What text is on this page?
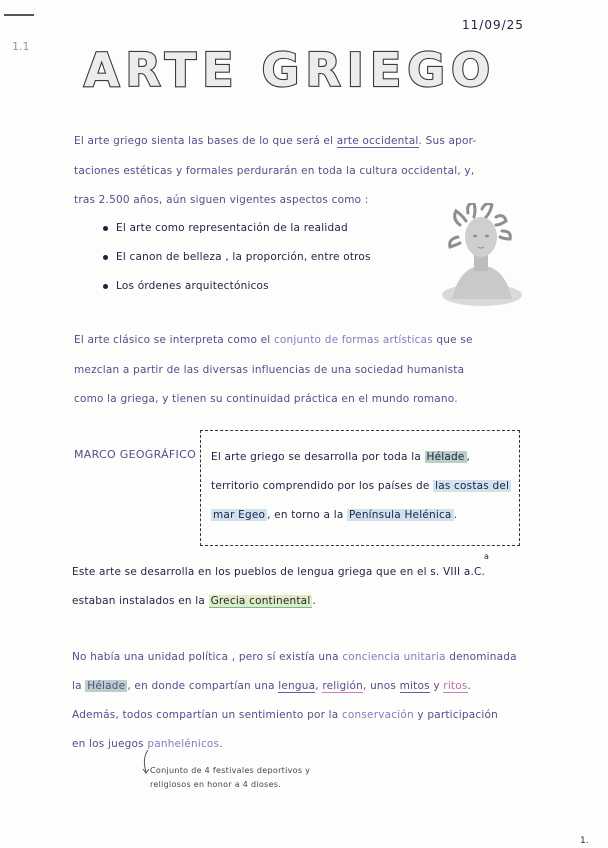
11/09/25
1.1 ARTE GRIEGO
El arte griego sienta las bases de lo que será el arte occidental. Sus apor-
taciones estéticas y formales perdurarán en toda la cultura occidental, y,
tras 2.500 años, aún siguen vigentes aspectos como :
El arte como representación de la realidad
El canon de belleza , la proporción, entre otros
Los órdenes arquitectónicos
El arte clásico se interpreta como el conjunto de formas artísticas que se
mezclan a partir de las diversas influencias de una sociedad humanista
como la griega, y tienen su continuidad práctica en el mundo romano.
MARCO GEOGRÁFICO El arte griego se desarrolla por toda la Hélade ,
territorio comprendido por los países de las costas del
mar Egeo , en torno a la Península Helénica .
a
Este arte se desarrolla en los pueblos de lengua griega que en el s. VIII a.C.
estaban instalados en la Grecia continental .
No había una unidad política , pero sí existía una conciencia unitaria denominada
la Hélade , en donde compartían una lengua, religión, unos mitos y ritos.
Además, todos compartían un sentimiento por la conservación y participación
en los juegos panhelénicos.
Conjunto de 4 festivales deportivos y
religiosos en honor a 4 dioses.
1.
